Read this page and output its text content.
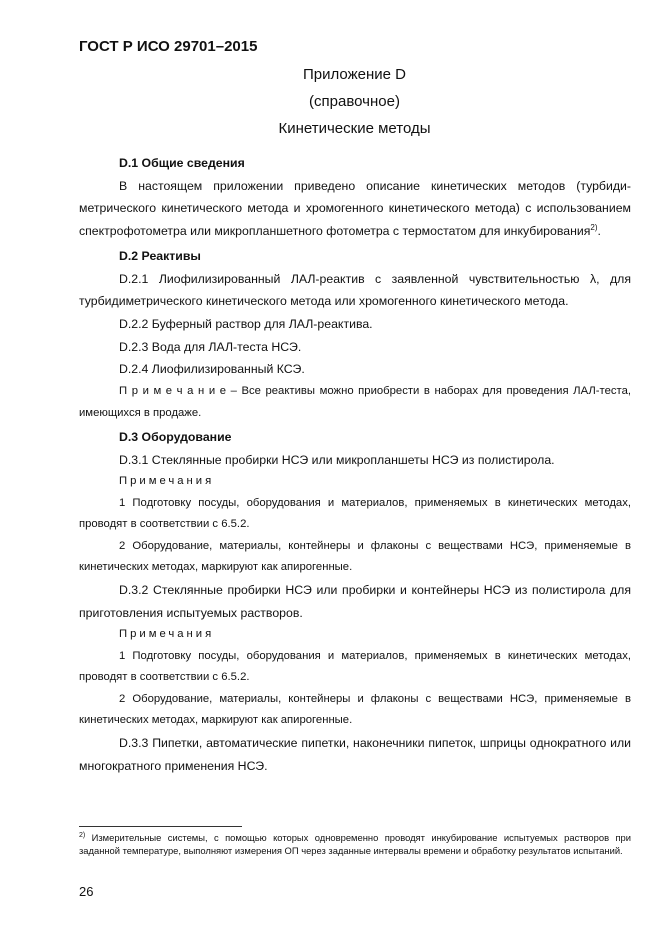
ГОСТ Р ИСО 29701–2015
Приложение D
(справочное)
Кинетические методы

D.1 Общие сведения

В настоящем приложении приведено описание кинетических методов (турбидиметрического кинетического метода и хромогенного кинетического метода) с использованием спектрофотометра или микропланшетного фотометра с термостатом для инкубирования$^{2)}$.

D.2 Реактивы

D.2.1 Лиофилизированный ЛАЛ-реактив с заявленной чувствительностью λ, для турбидиметрического кинетического метода или хромогенного кинетического метода.

D.2.2 Буферный раствор для ЛАЛ-реактива.

D.2.3 Вода для ЛАЛ-теста НСЭ.

D.2.4 Лиофилизированный КСЭ.

П р и м е ч а н и е – Все реактивы можно приобрести в наборах для проведения ЛАЛ-теста, имеющихся в продаже.

D.3 Оборудование

D.3.1 Стеклянные пробирки НСЭ или микропланшеты НСЭ из полистирола.

Примечания

1 Подготовку посуды, оборудования и материалов, применяемых в кинетических методах, проводят в соответствии с 6.5.2.

2 Оборудование, материалы, контейнеры и флаконы с веществами НСЭ, применяемые в кинетических методах, маркируют как апирогенные.

D.3.2 Стеклянные пробирки НСЭ или пробирки и контейнеры НСЭ из полистирола для приготовления испытуемых растворов.

Примечания

1 Подготовку посуды, оборудования и материалов, применяемых в кинетических методах, проводят в соответствии с 6.5.2.

2 Оборудование, материалы, контейнеры и флаконы с веществами НСЭ, применяемые в кинетических методах, маркируют как апирогенные.

D.3.3 Пипетки, автоматические пипетки, наконечники пипеток, шприцы однократного или многократного применения НСЭ.

$^{2)}$ Измерительные системы, с помощью которых одновременно проводят инкубирование испытуемых растворов при заданной температуре, выполняют измерения ОП через заданные интервалы времени и обработку результатов испытаний.
26
